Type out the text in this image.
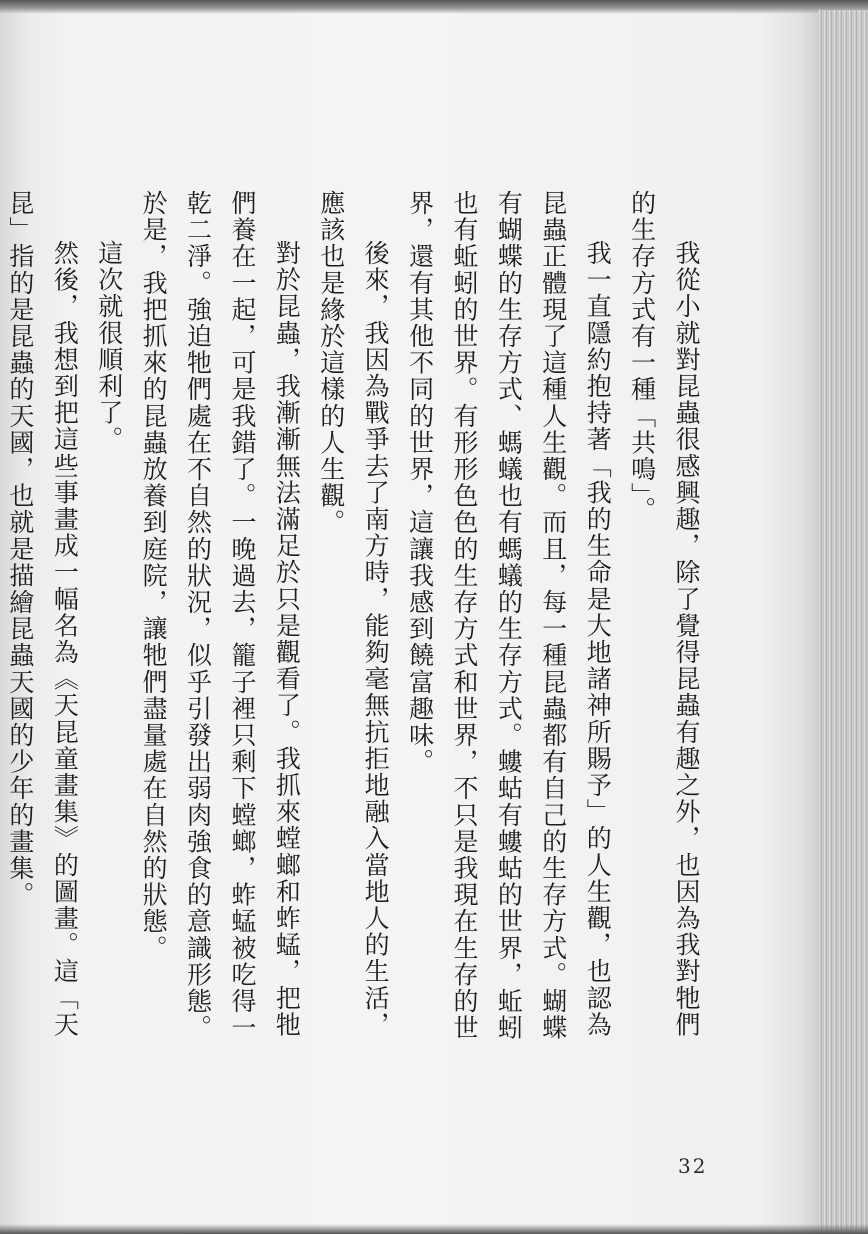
我從小就對昆蟲很感興趣，除了覺得昆蟲有趣之外，也因為我對牠們的生存方式有一種「共鳴」。

我一直隱約抱持著「我的生命是大地諸神所賜予」的人生觀，也認為昆蟲正體現了這種人生觀。而且，每一種昆蟲都有自己的生存方式。蝴蝶有蝴蝶的生存方式、螞蟻也有螞蟻的生存方式。螻蛄有螻蛄的世界，蚯蚓也有蚯蚓的世界。有形形色色的生存方式和世界，不只是我現在生存的世界，還有其他不同的世界，這讓我感到饒富趣味。

後來，我因為戰爭去了南方時，能夠毫無抗拒地融入當地人的生活，應該也是緣於這樣的人生觀。

對於昆蟲，我漸漸無法滿足於只是觀看了。我抓來螳螂和蚱蜢，把牠們養在一起，可是我錯了。一晚過去，籠子裡只剩下螳螂，蚱蜢被吃得一乾二淨。強迫牠們處在不自然的狀況，似乎引發出弱肉強食的意識形態。於是，我把抓來的昆蟲放養到庭院，讓牠們盡量處在自然的狀態。

這次就很順利了。

然後，我想到把這些事畫成一幅名為《天昆童畫集》的圖畫。這「天昆」指的是昆蟲的天國，也就是描繪昆蟲天國的少年的畫集。

32
